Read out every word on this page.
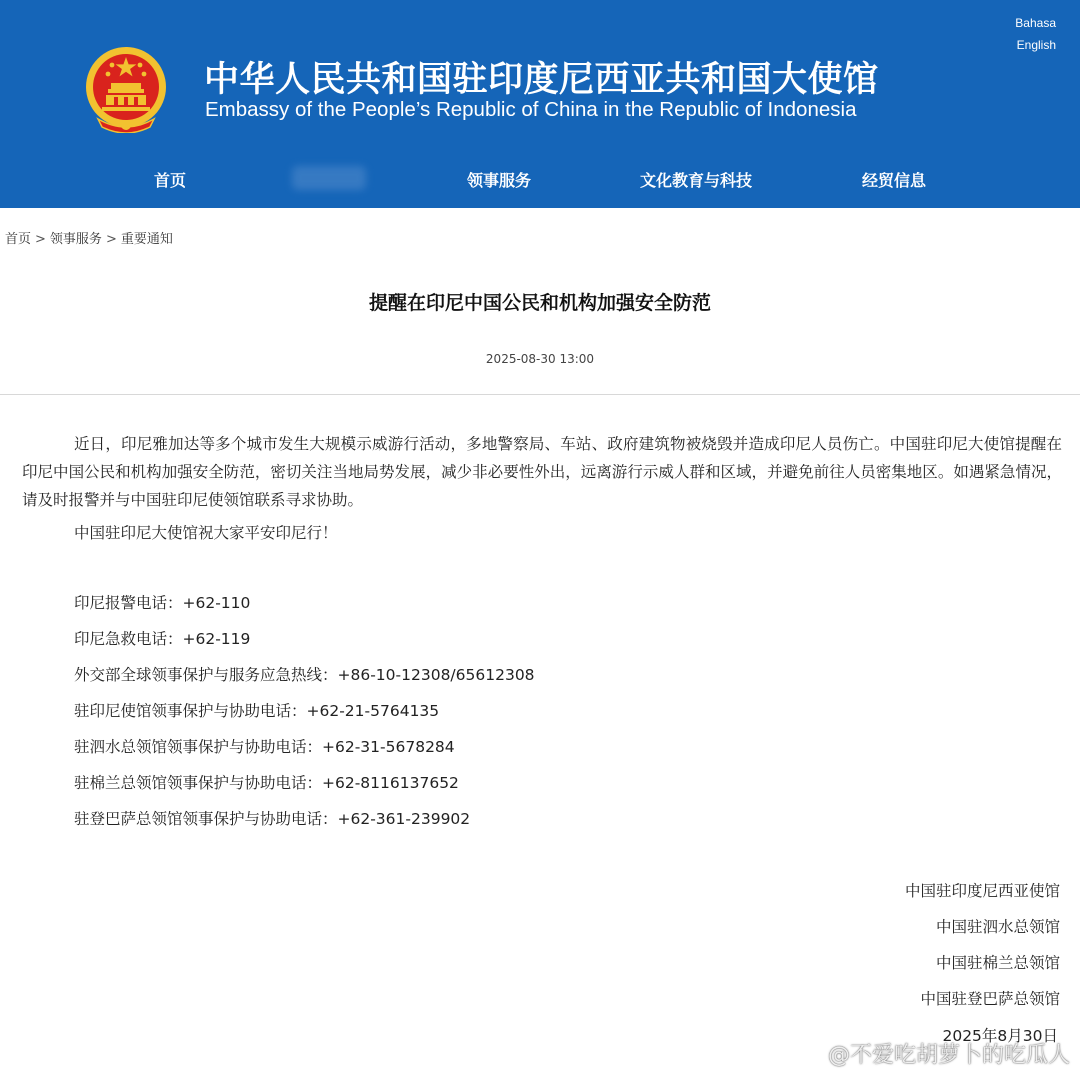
中华人民共和国驻印度尼西亚共和国大使馆
Embassy of the People’s Republic of China in the Republic of Indonesia
Bahasa
English
首页	领事服务	文化教育与科技	经贸信息
首页 > 领事服务 > 重要通知
提醒在印尼中国公民和机构加强安全防范
2025-08-30 13:00

近日，印尼雅加达等多个城市发生大规模示威游行活动，多地警察局、车站、政府建筑物被烧毁并造成印尼人员伤亡。中国驻印尼大使馆提醒在印尼中国公民和机构加强安全防范，密切关注当地局势发展，减少非必要性外出，远离游行示威人群和区域，并避免前往人员密集地区。如遇紧急情况，请及时报警并与中国驻印尼使领馆联系寻求协助。

中国驻印尼大使馆祝大家平安印尼行！
印尼报警电话：+62-110
印尼急救电话：+62-119
外交部全球领事保护与服务应急热线：+86-10-12308/65612308
驻印尼使馆领事保护与协助电话：+62-21-5764135
驻泗水总领馆领事保护与协助电话：+62-31-5678284
驻棉兰总领馆领事保护与协助电话：+62-8116137652
驻登巴萨总领馆领事保护与协助电话：+62-361-239902
中国驻印度尼西亚使馆
中国驻泗水总领馆
中国驻棉兰总领馆
中国驻登巴萨总领馆
2025年8月30日
@不爱吃胡萝卜的吃瓜人
